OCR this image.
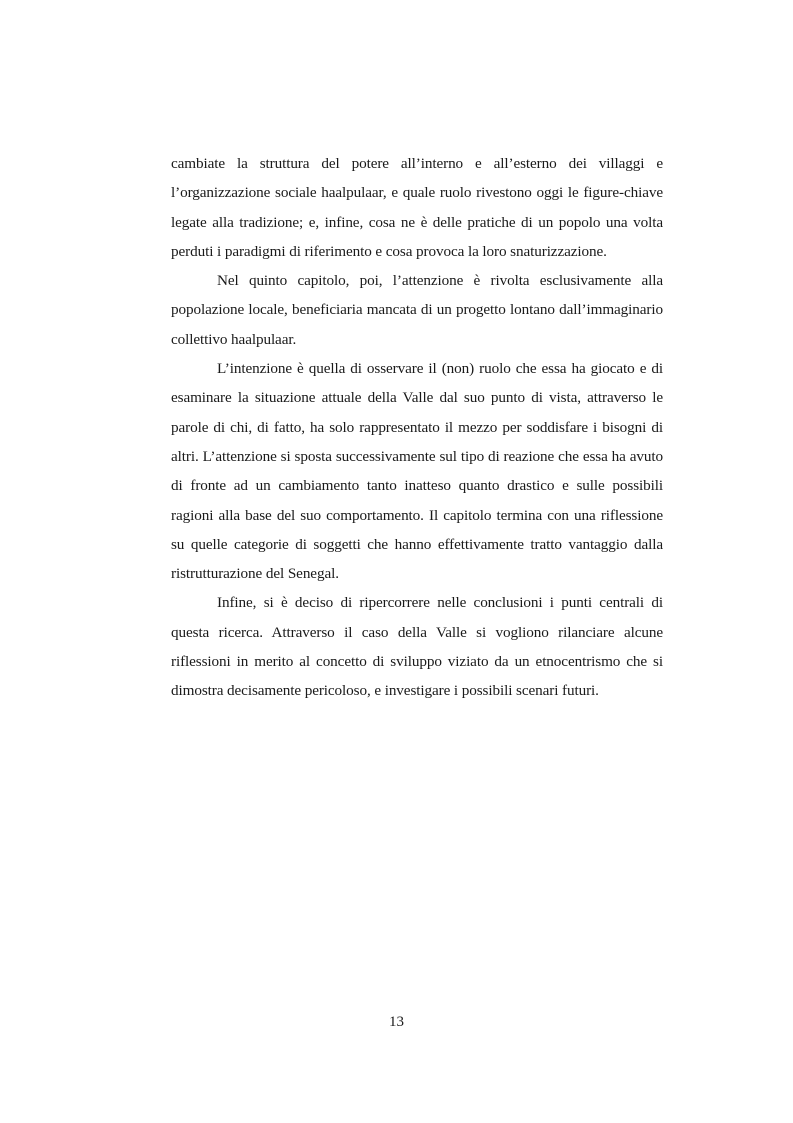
cambiate la struttura del potere all’interno e all’esterno dei villaggi e l’organizzazione sociale haalpulaar, e quale ruolo rivestono oggi le figure-chiave legate alla tradizione; e, infine, cosa ne è delle pratiche di un popolo una volta perduti i paradigmi di riferimento e cosa provoca la loro snaturizzazione.

Nel quinto capitolo, poi, l’attenzione è rivolta esclusivamente alla popolazione locale, beneficiaria mancata di un progetto lontano dall’immaginario collettivo haalpulaar.

L’intenzione è quella di osservare il (non) ruolo che essa ha giocato e di esaminare la situazione attuale della Valle dal suo punto di vista, attraverso le parole di chi, di fatto, ha solo rappresentato il mezzo per soddisfare i bisogni di altri. L’attenzione si sposta successivamente sul tipo di reazione che essa ha avuto di fronte ad un cambiamento tanto inatteso quanto drastico e sulle possibili ragioni alla base del suo comportamento. Il capitolo termina con una riflessione su quelle categorie di soggetti che hanno effettivamente tratto vantaggio dalla ristrutturazione del Senegal.

Infine, si è deciso di ripercorrere nelle conclusioni i punti centrali di questa ricerca. Attraverso il caso della Valle si vogliono rilanciare alcune riflessioni in merito al concetto di sviluppo viziato da un etnocentrismo che si dimostra decisamente pericoloso, e investigare i possibili scenari futuri.

13
